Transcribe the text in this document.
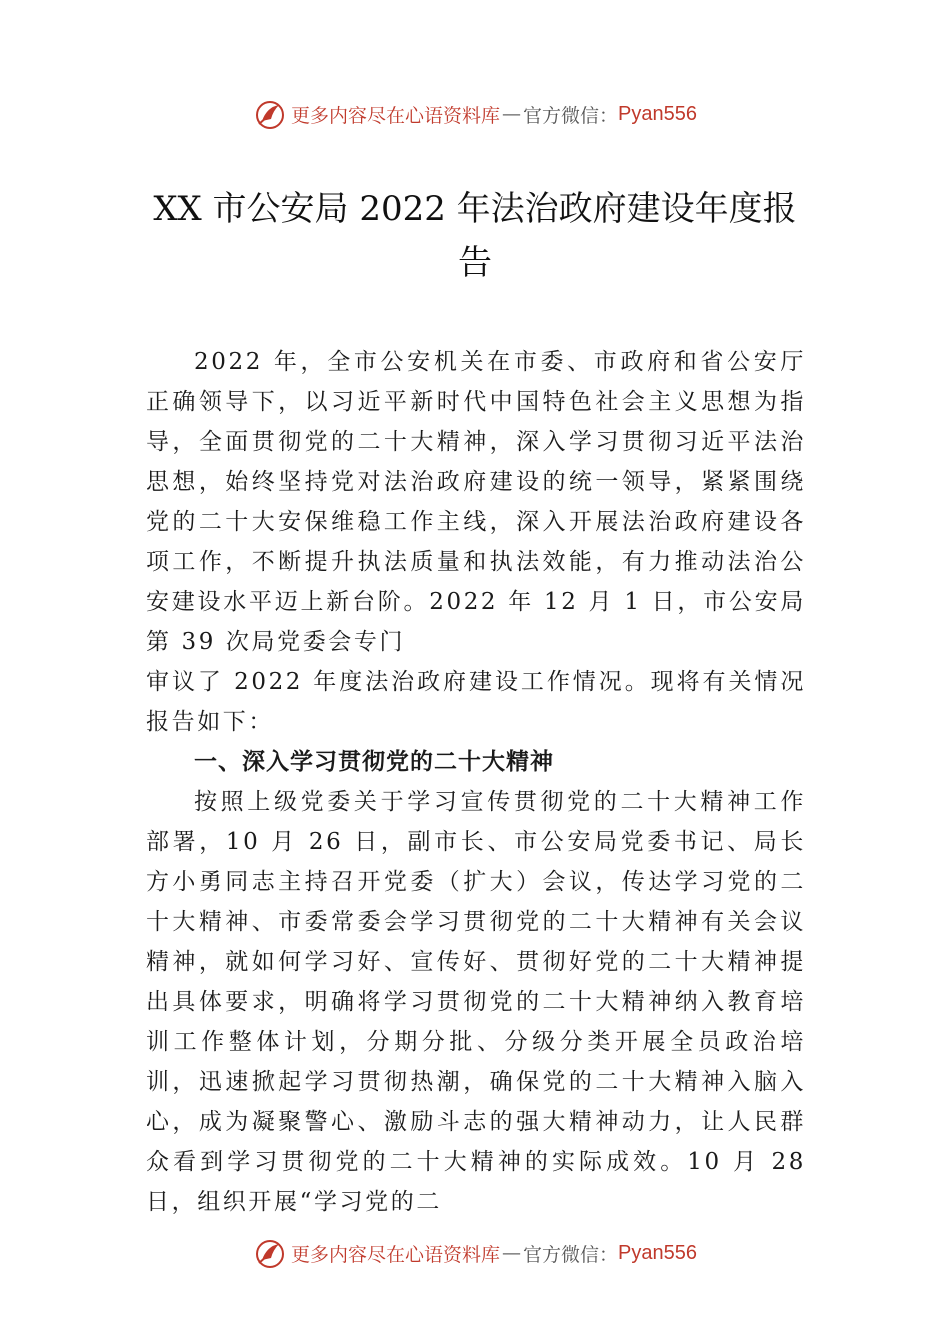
更多内容尽在心语资料库 — 官方微信： Pyan556
XX 市公安局 2022 年法治政府建设年度报告

2022 年，全市公安机关在市委、市政府和省公安厅正确领导下，以习近平新时代中国特色社会主义思想为指导，全面贯彻党的二十大精神，深入学习贯彻习近平法治思想，始终坚持党对法治政府建设的统一领导，紧紧围绕党的二十大安保维稳工作主线，深入开展法治政府建设各项工作，不断提升执法质量和执法效能，有力推动法治公安建设水平迈上新台阶。2022 年 12 月 1 日，市公安局第 39 次局党委会专门

审议了 2022 年度法治政府建设工作情况。现将有关情况报告如下：

一、深入学习贯彻党的二十大精神

按照上级党委关于学习宣传贯彻党的二十大精神工作部署，10 月 26 日，副市长、市公安局党委书记、局长方小勇同志主持召开党委（扩大）会议，传达学习党的二十大精神、市委常委会学习贯彻党的二十大精神有关会议精神，就如何学习好、宣传好、贯彻好党的二十大精神提出具体要求，明确将学习贯彻党的二十大精神纳入教育培训工作整体计划，分期分批、分级分类开展全员政治培训，迅速掀起学习贯彻热潮，确保党的二十大精神入脑入心，成为凝聚警心、激励斗志的强大精神动力，让人民群众看到学习贯彻党的二十大精神的实际成效。10 月 28 日，组织开展“学习党的二

更多内容尽在心语资料库 — 官方微信： Pyan556
